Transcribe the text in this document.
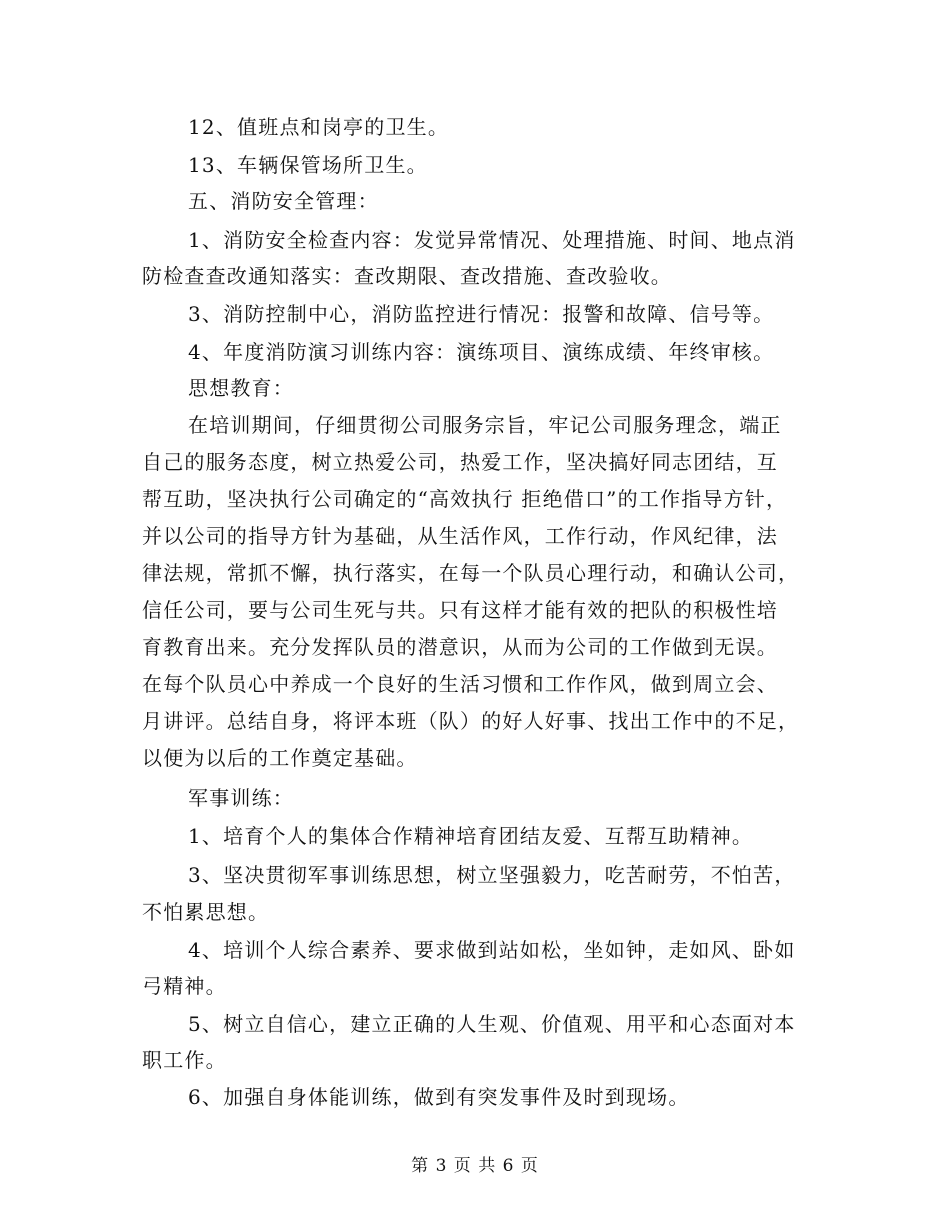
12、值班点和岗亭的卫生。
13、车辆保管场所卫生。
五、消防安全管理：
1、消防安全检查内容：发觉异常情况、处理措施、时间、地点消
防检查查改通知落实：查改期限、查改措施、查改验收。
3、消防控制中心，消防监控进行情况：报警和故障、信号等。
4、年度消防演习训练内容：演练项目、演练成绩、年终审核。
思想教育：
在培训期间，仔细贯彻公司服务宗旨，牢记公司服务理念，端正
自己的服务态度，树立热爱公司，热爱工作，坚决搞好同志团结，互
帮互助，坚决执行公司确定的“高效执行 拒绝借口”的工作指导方针，
并以公司的指导方针为基础，从生活作风，工作行动，作风纪律，法
律法规，常抓不懈，执行落实，在每一个队员心理行动，和确认公司，
信任公司，要与公司生死与共。只有这样才能有效的把队的积极性培
育教育出来。充分发挥队员的潜意识，从而为公司的工作做到无误。
在每个队员心中养成一个良好的生活习惯和工作作风，做到周立会、
月讲评。总结自身，将评本班（队）的好人好事、找出工作中的不足，
以便为以后的工作奠定基础。
军事训练：
1、培育个人的集体合作精神培育团结友爱、互帮互助精神。
3、坚决贯彻军事训练思想，树立坚强毅力，吃苦耐劳，不怕苦，
不怕累思想。
4、培训个人综合素养、要求做到站如松，坐如钟，走如风、卧如
弓精神。
5、树立自信心，建立正确的人生观、价值观、用平和心态面对本
职工作。
6、加强自身体能训练，做到有突发事件及时到现场。
第 3 页 共 6 页
